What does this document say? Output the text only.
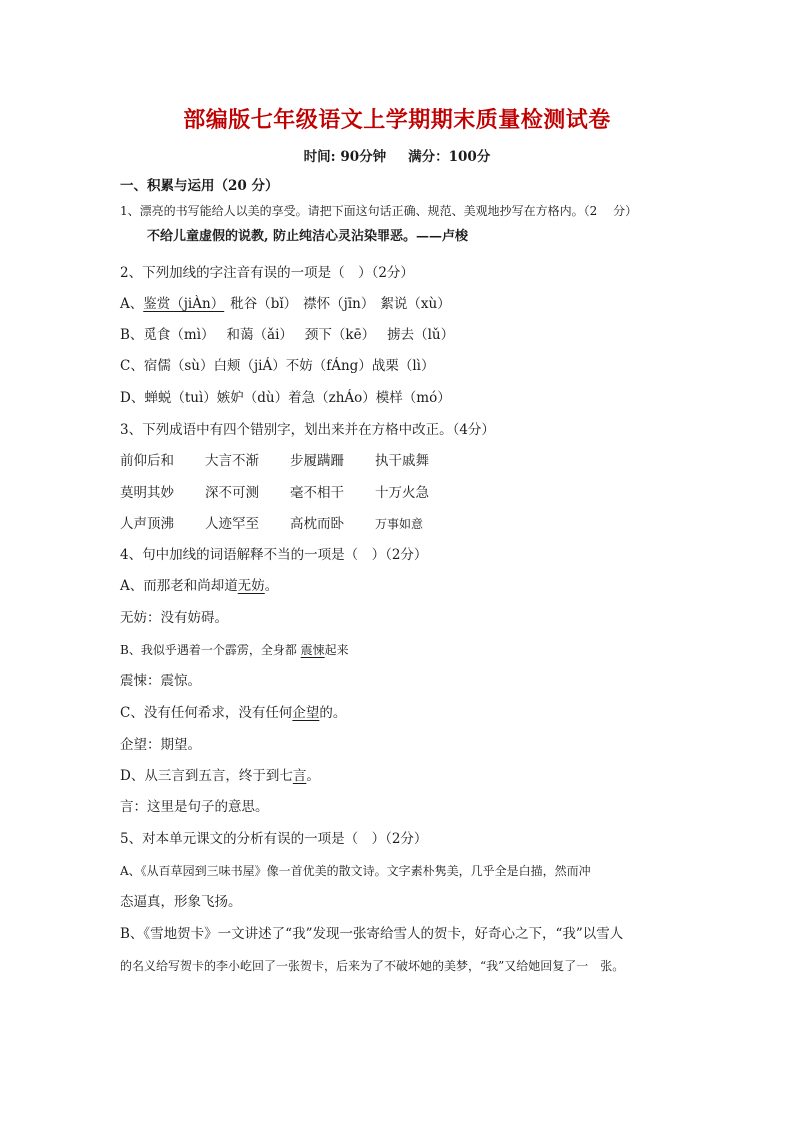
部编版七年级语文上学期期末质量检测试卷
时间: 90分钟 满分：100分
一、积累与运用（20 分）
1、漂亮的书写能给人以美的享受。请把下面这句话正确、规范、美观地抄写在方格内。（2　 分）
不给儿童虚假的说教, 防止纯洁心灵沾染罪恶。——卢梭
2、下列加线的字注音有误的一项是（　）（2分）
A、鉴赏（jiÀn） 秕谷（bǐ） 襟怀（jīn） 絮说（xù）
B、觅食（mì） 和蔼（ǎi） 颈下（kē） 掳去（lǔ）
C、宿儒（sù）白颊（jiÁ）不妨（fÁng）战栗（lì）
D、蝉蜕（tuì）嫉妒（dù）着急（zhÁo）模样（mó）
3、下列成语中有四个错别字，划出来并在方格中改正。（4分）
前仰后和 大言不渐 步履蹒跚 执干戚舞
莫明其妙 深不可测 毫不相干 十万火急
人声顶沸 人迹罕至 高枕而卧	万事如意
4、句中加线的词语解释不当的一项是（　）（2分）
A、而那老和尚却道无妨。
无妨：没有妨碍。
B、我似乎遇着一个霹雳，全身都 震悚起来
震悚：震惊。
C、没有任何希求，没有任何企望的。
企望：期望。
D、从三言到五言，终于到七言。
言：这里是句子的意思。
5、对本单元课文的分析有误的一项是（　）（2分）
A、《从百草园到三味书屋》像一首优美的散文诗。文字素朴隽美，几乎全是白描，然而冲
态逼真，形象飞扬。
B、《雪地贺卡》一文讲述了“我”发现一张寄给雪人的贺卡，好奇心之下，“我”以雪人
的名义给写贺卡的李小屹回了一张贺卡，后来为了不破坏她的美梦，“我”又给她回复了一　张。
